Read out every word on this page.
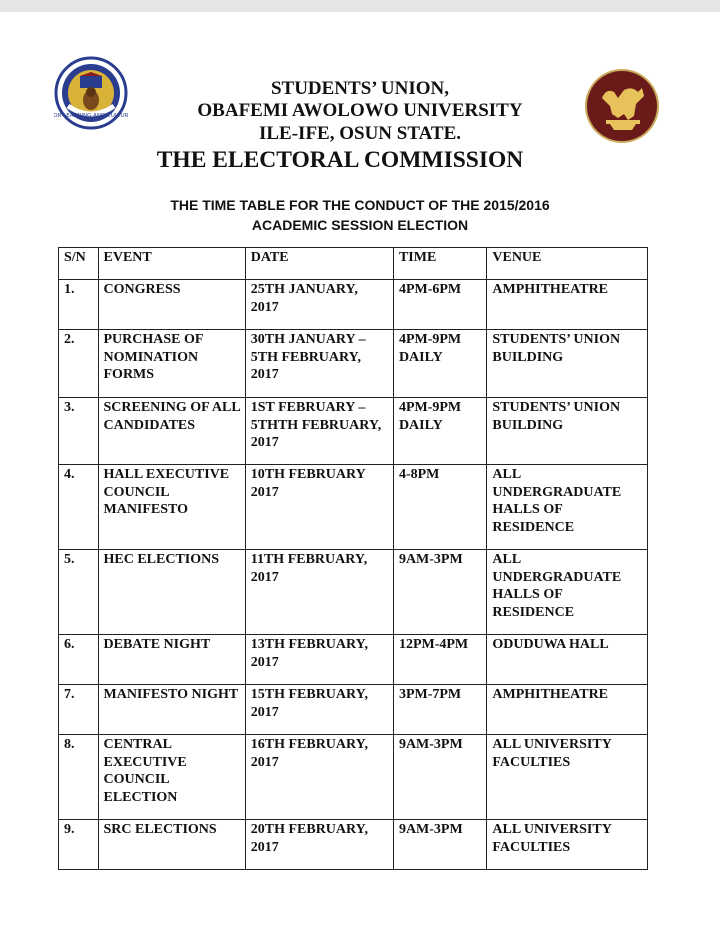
FOR LEARNING AND CULTURE
STUDENTS’ UNION,
OBAFEMI AWOLOWO UNIVERSITY
ILE-IFE, OSUN STATE.
THE ELECTORAL COMMISSION
THE TIME TABLE FOR THE CONDUCT OF THE 2015/2016
ACADEMIC SESSION ELECTION
S/N	EVENT	DATE	TIME	VENUE
1.	CONGRESS	25TH JANUARY, 2017	4PM-6PM	AMPHITHEATRE
2.	PURCHASE OF NOMINATION FORMS	30TH JANUARY – 5TH FEBRUARY, 2017	4PM-9PM DAILY	STUDENTS’ UNION BUILDING
3.	SCREENING OF ALL CANDIDATES	1ST FEBRUARY – 5THTH FEBRUARY, 2017	4PM-9PM DAILY	STUDENTS’ UNION BUILDING
4.	HALL EXECUTIVE COUNCIL MANIFESTO	10TH FEBRUARY 2017	4-8PM	ALL UNDERGRADUATE HALLS OF RESIDENCE
5.	HEC ELECTIONS	11TH FEBRUARY, 2017	9AM-3PM	ALL UNDERGRADUATE HALLS OF RESIDENCE
6.	DEBATE NIGHT	13TH FEBRUARY, 2017	12PM-4PM	ODUDUWA HALL
7.	MANIFESTO NIGHT	15TH FEBRUARY, 2017	3PM-7PM	AMPHITHEATRE
8.	CENTRAL EXECUTIVE COUNCIL ELECTION	16TH FEBRUARY, 2017	9AM-3PM	ALL UNIVERSITY FACULTIES
9.	SRC ELECTIONS	20TH FEBRUARY, 2017	9AM-3PM	ALL UNIVERSITY FACULTIES
